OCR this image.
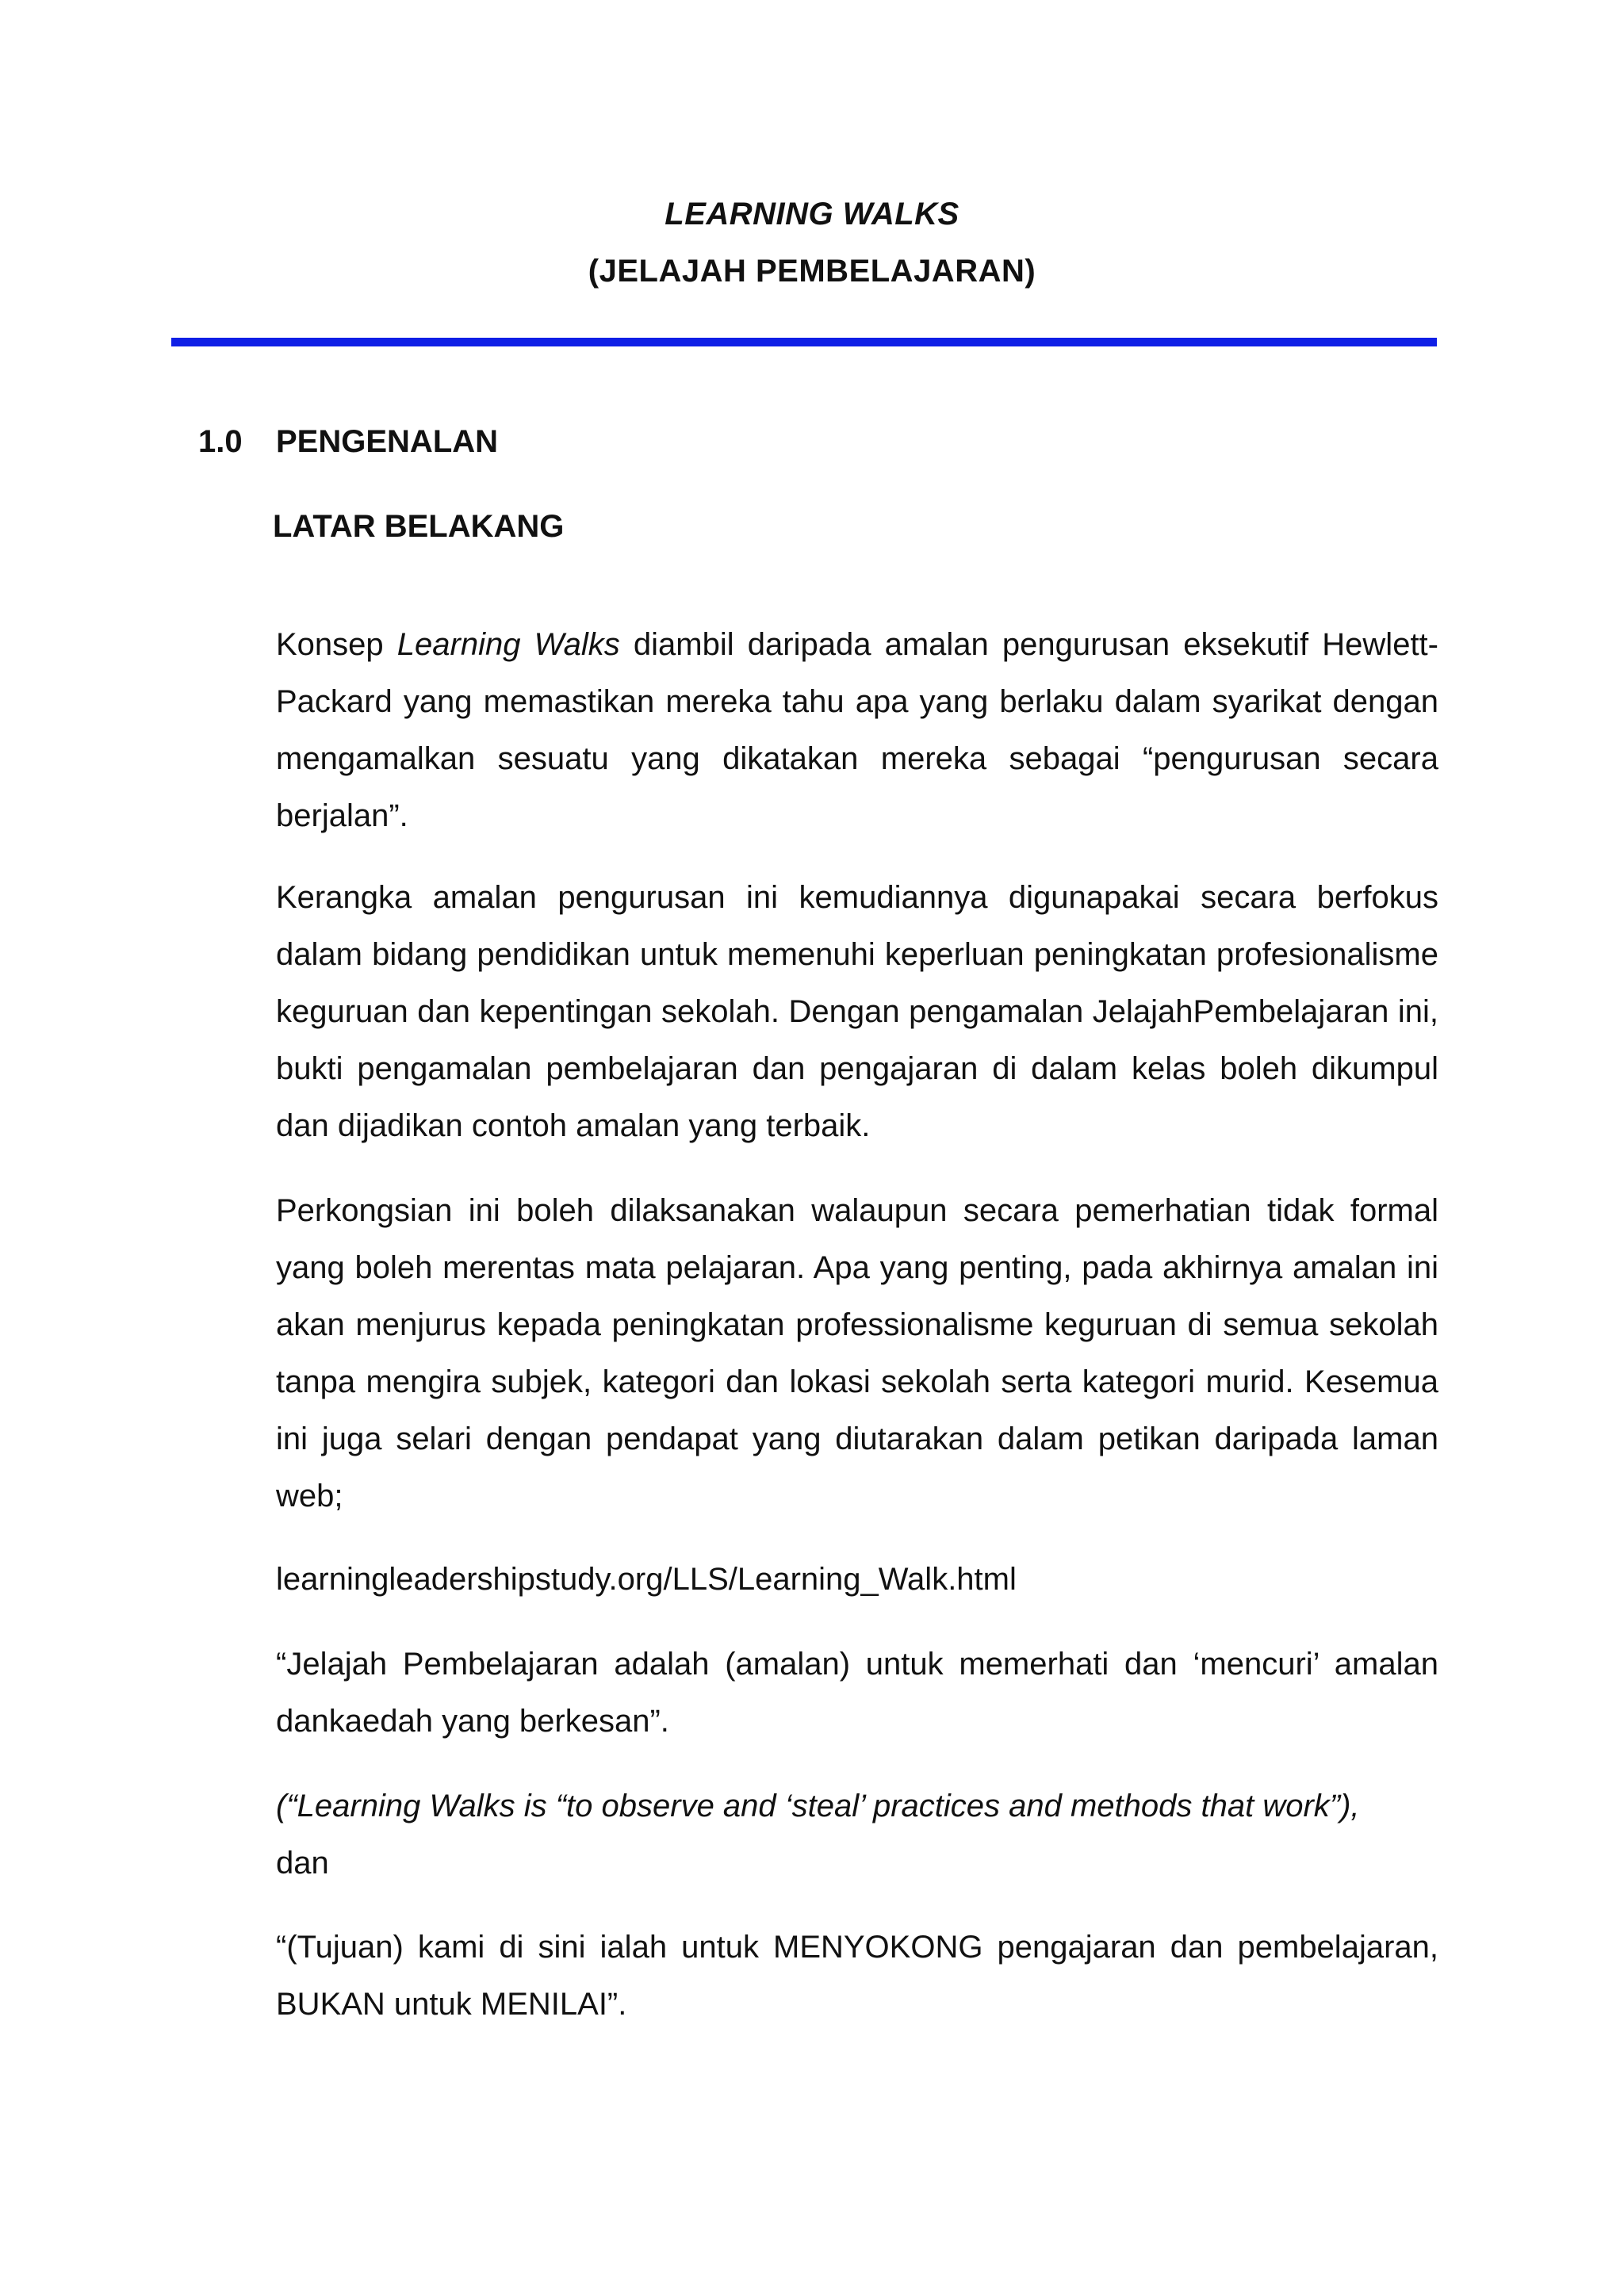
LEARNING WALKS
(JELAJAH PEMBELAJARAN)
1.0 PENGENALAN
LATAR BELAKANG
Konsep Learning Walks diambil daripada amalan pengurusan eksekutif Hewlett-Packard yang memastikan mereka tahu apa yang berlaku dalam syarikat dengan mengamalkan sesuatu yang dikatakan mereka sebagai “pengurusan secara berjalan”.
Kerangka amalan pengurusan ini kemudiannya digunapakai secara berfokus dalam bidang pendidikan untuk memenuhi keperluan peningkatan profesionalisme keguruan dan kepentingan sekolah. Dengan pengamalan JelajahPembelajaran ini, bukti pengamalan pembelajaran dan pengajaran di dalam kelas boleh dikumpul dan dijadikan contoh amalan yang terbaik.
Perkongsian ini boleh dilaksanakan walaupun secara pemerhatian tidak formal yang boleh merentas mata pelajaran. Apa yang penting, pada akhirnya amalan ini akan menjurus kepada peningkatan professionalisme keguruan di semua sekolah tanpa mengira subjek, kategori dan lokasi sekolah serta kategori murid. Kesemua ini juga selari dengan pendapat yang diutarakan dalam petikan daripada laman web;
learningleadershipstudy.org/LLS/Learning_Walk.html
“Jelajah Pembelajaran adalah (amalan) untuk memerhati dan ‘mencuri’ amalan dankaedah yang berkesan”.
(“Learning Walks is “to observe and ‘steal’ practices and methods that work”),
dan
“(Tujuan) kami di sini ialah untuk MENYOKONG pengajaran dan pembelajaran, BUKAN untuk MENILAI”.
